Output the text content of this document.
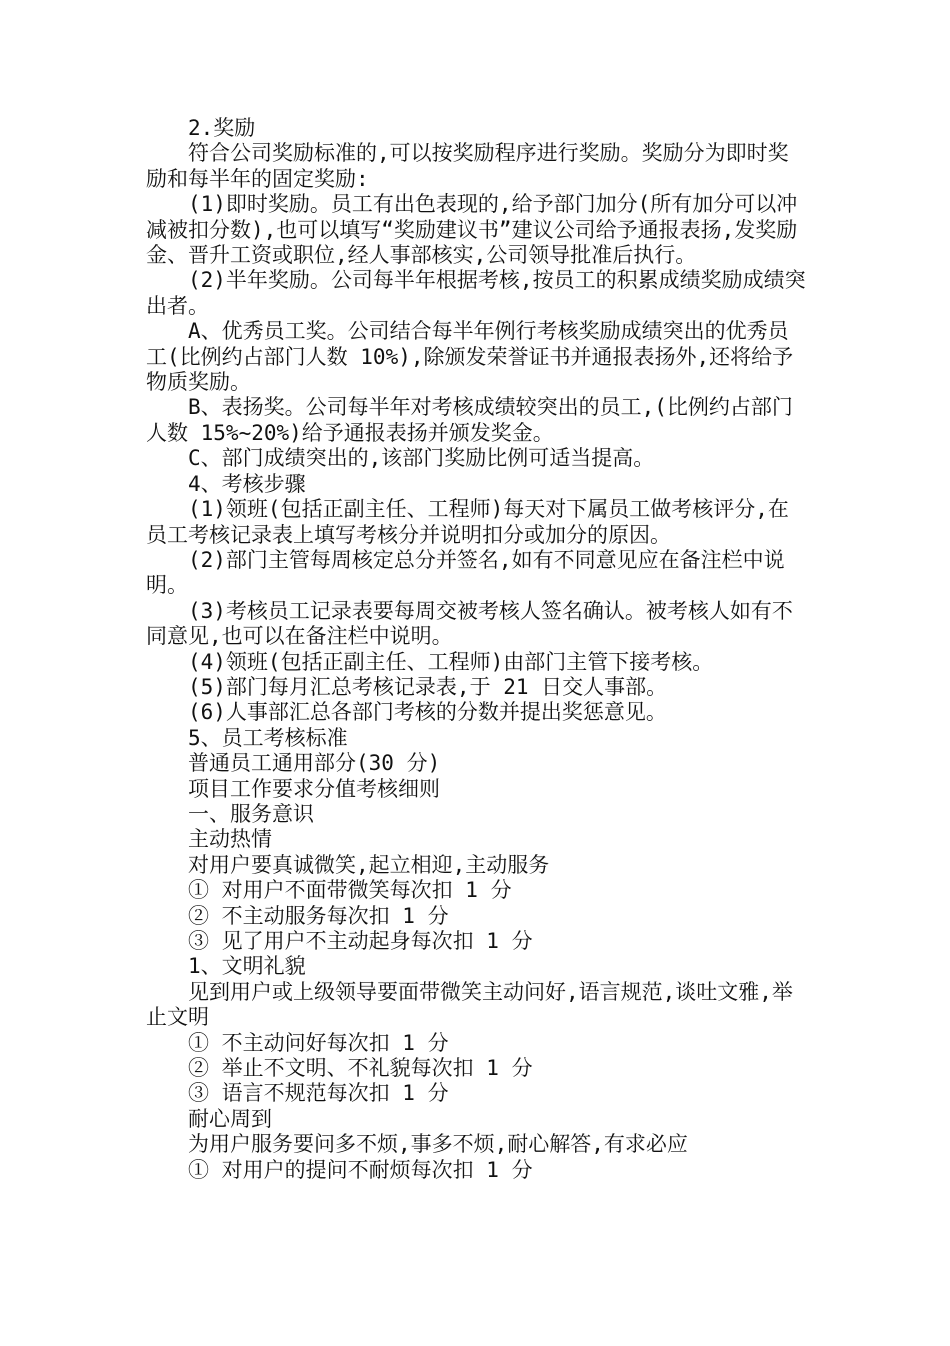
2.奖励

符合公司奖励标准的,可以按奖励程序进行奖励。奖励分为即时奖励和每半年的固定奖励:

(1)即时奖励。员工有出色表现的,给予部门加分(所有加分可以冲减被扣分数),也可以填写“奖励建议书”建议公司给予通报表扬,发奖励金、晋升工资或职位,经人事部核实,公司领导批准后执行。

(2)半年奖励。公司每半年根据考核,按员工的积累成绩奖励成绩突出者。

A、优秀员工奖。公司结合每半年例行考核奖励成绩突出的优秀员工(比例约占部门人数 10%),除颁发荣誉证书并通报表扬外,还将给予物质奖励。

B、表扬奖。公司每半年对考核成绩较突出的员工,(比例约占部门人数 15%~20%)给予通报表扬并颁发奖金。

C、部门成绩突出的,该部门奖励比例可适当提高。

4、考核步骤

(1)领班(包括正副主任、工程师)每天对下属员工做考核评分,在员工考核记录表上填写考核分并说明扣分或加分的原因。

(2)部门主管每周核定总分并签名,如有不同意见应在备注栏中说明。

(3)考核员工记录表要每周交被考核人签名确认。被考核人如有不同意见,也可以在备注栏中说明。

(4)领班(包括正副主任、工程师)由部门主管下接考核。

(5)部门每月汇总考核记录表,于 21 日交人事部。

(6)人事部汇总各部门考核的分数并提出奖惩意见。

5、员工考核标准

普通员工通用部分(30 分)

项目工作要求分值考核细则

一、服务意识

主动热情

对用户要真诚微笑,起立相迎,主动服务

① 对用户不面带微笑每次扣 1 分

② 不主动服务每次扣 1 分

③ 见了用户不主动起身每次扣 1 分

1、文明礼貌

见到用户或上级领导要面带微笑主动问好,语言规范,谈吐文雅,举止文明

① 不主动问好每次扣 1 分

② 举止不文明、不礼貌每次扣 1 分

③ 语言不规范每次扣 1 分

耐心周到

为用户服务要问多不烦,事多不烦,耐心解答,有求必应

① 对用户的提问不耐烦每次扣 1 分
